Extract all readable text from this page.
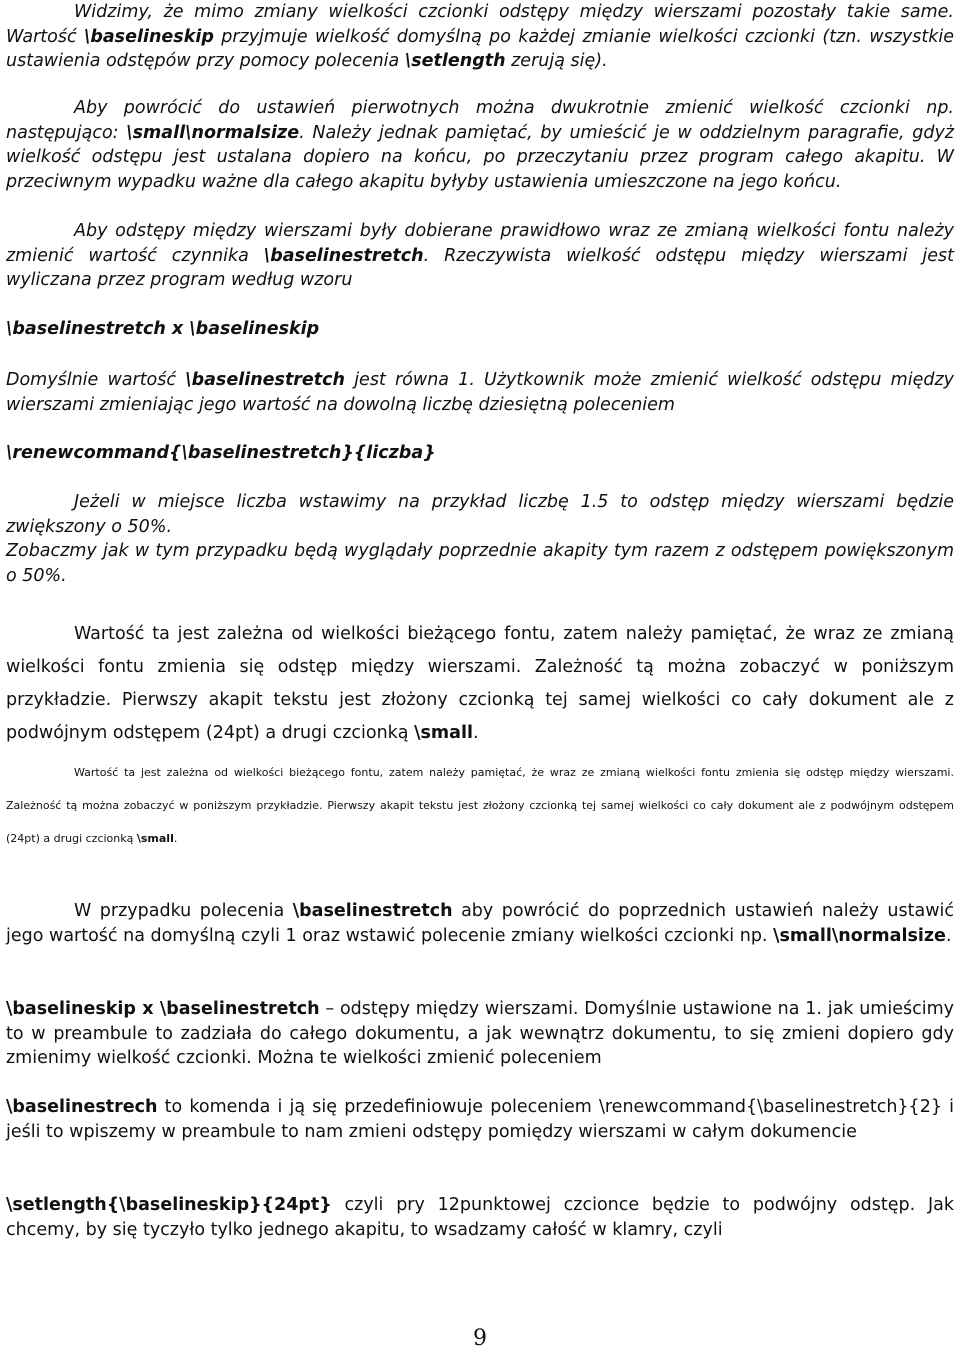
Widzimy, że mimo zmiany wielkości czcionki odstępy między wierszami pozostały takie same. Wartość \baselineskip przyjmuje wielkość domyślną po każdej zmianie wielkości czcionki (tzn. wszystkie ustawienia odstępów przy pomocy polecenia \setlength zerują się).

Aby powrócić do ustawień pierwotnych można dwukrotnie zmienić wielkość czcionki np. następująco: \small\normalsize. Należy jednak pamiętać, by umieścić je w oddzielnym paragrafie, gdyż wielkość odstępu jest ustalana dopiero na końcu, po przeczytaniu przez program całego akapitu. W przeciwnym wypadku ważne dla całego akapitu byłyby ustawienia umieszczone na jego końcu.

Aby odstępy między wierszami były dobierane prawidłowo wraz ze zmianą wielkości fontu należy zmienić wartość czynnika \baselinestretch. Rzeczywista wielkość odstępu między wierszami jest wyliczana przez program według wzoru

\baselinestretch x \baselineskip

Domyślnie wartość \baselinestretch jest równa 1. Użytkownik może zmienić wielkość odstępu między wierszami zmieniając jego wartość na dowolną liczbę dziesiętną poleceniem

\renewcommand{\baselinestretch}{liczba}

Jeżeli w miejsce liczba wstawimy na przykład liczbę 1.5 to odstęp między wierszami będzie zwiększony o 50%.

Zobaczmy jak w tym przypadku będą wyglądały poprzednie akapity tym razem z odstępem powiększonym o 50%.

Wartość ta jest zależna od wielkości bieżącego fontu, zatem należy pamiętać, że wraz ze zmianą wielkości fontu zmienia się odstęp między wierszami. Zależność tą można zobaczyć w poniższym przykładzie. Pierwszy akapit tekstu jest złożony czcionką tej samej wielkości co cały dokument ale z podwójnym odstępem (24pt) a drugi czcionką \small.

Wartość ta jest zależna od wielkości bieżącego fontu, zatem należy pamiętać, że wraz ze zmianą wielkości fontu zmienia się odstęp między wierszami. Zależność tą można zobaczyć w poniższym przykładzie. Pierwszy akapit tekstu jest złożony czcionką tej samej wielkości co cały dokument ale z podwójnym odstępem (24pt) a drugi czcionką \small.

W przypadku polecenia \baselinestretch aby powrócić do poprzednich ustawień należy ustawić jego wartość na domyślną czyli 1 oraz wstawić polecenie zmiany wielkości czcionki np. \small\normalsize.

\baselineskip x \baselinestretch – odstępy między wierszami. Domyślnie ustawione na 1. jak umieścimy to w preambule to zadziała do całego dokumentu, a jak wewnątrz dokumentu, to się zmieni dopiero gdy zmienimy wielkość czcionki. Można te wielkości zmienić poleceniem

\baselinestrech to komenda i ją się przedefiniowuje poleceniem \renewcommand{\baselinestretch}{2} i jeśli to wpiszemy w preambule to nam zmieni odstępy pomiędzy wierszami w całym dokumencie

\setlength{\baselineskip}{24pt} czyli pry 12punktowej czcionce będzie to podwójny odstęp. Jak chcemy, by się tyczyło tylko jednego akapitu, to wsadzamy całość w klamry, czyli

9
